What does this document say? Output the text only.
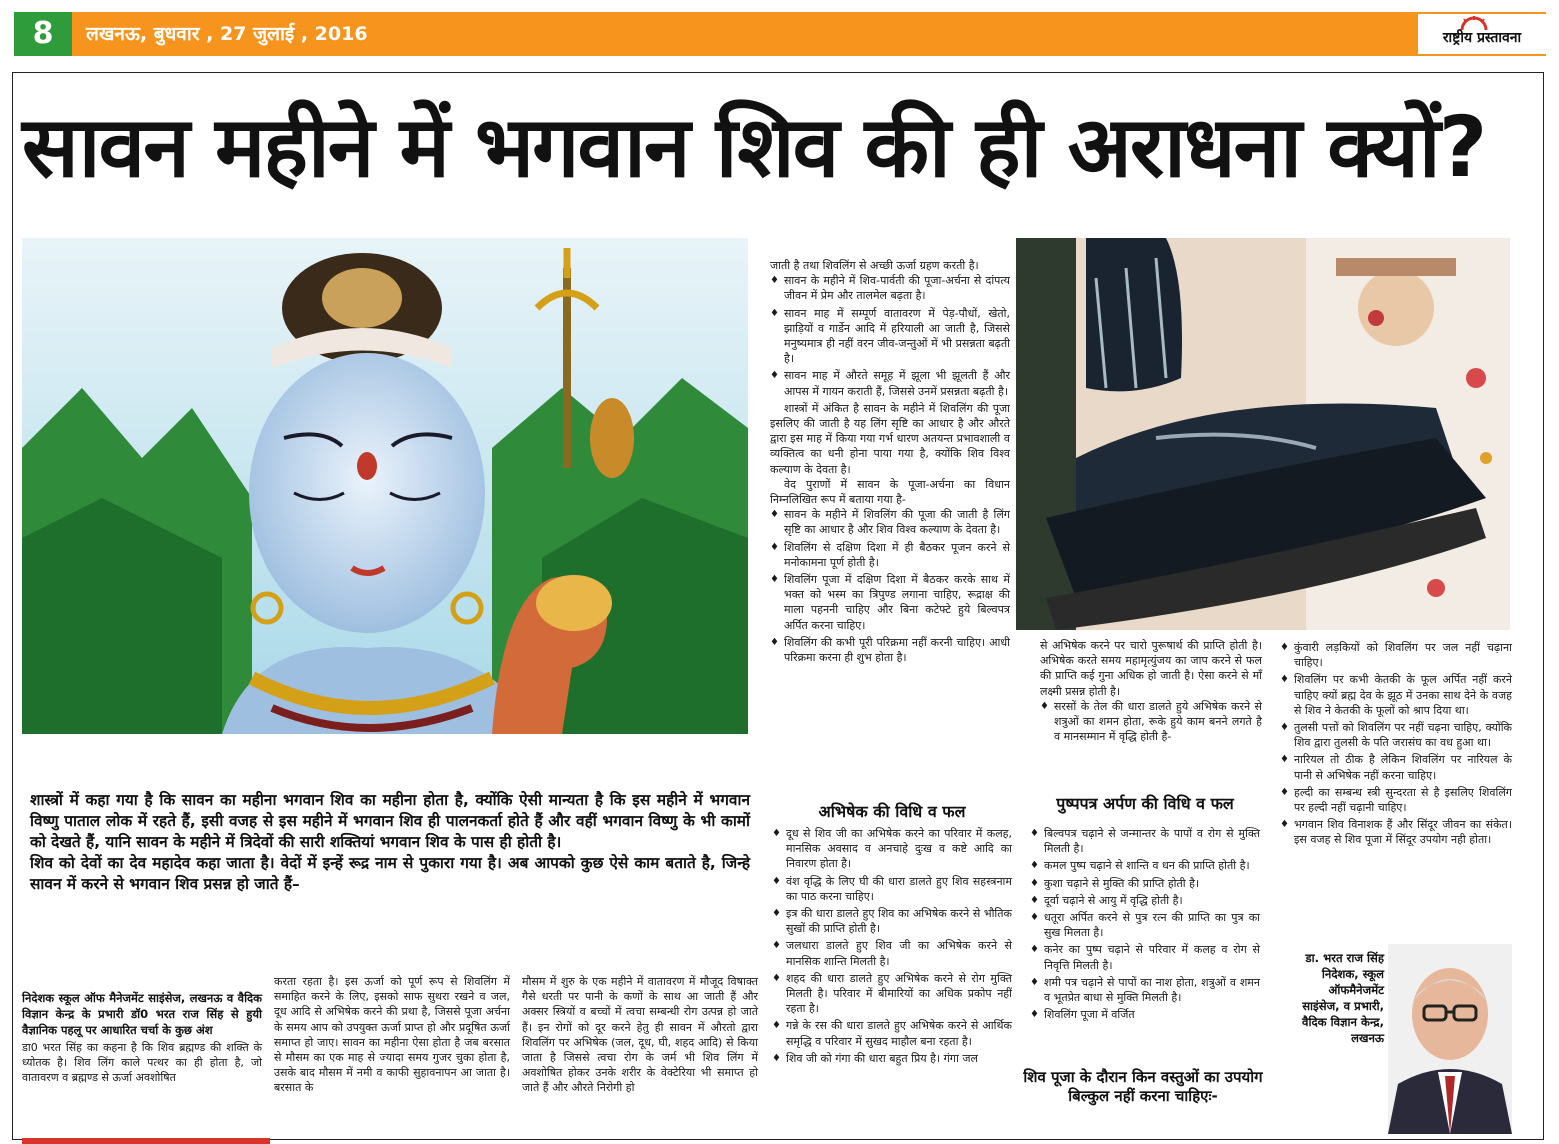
8	लखनऊ, बुधवार , 27 जुलाई , 2016	राष्ट्रीय प्रस्तावना
सावन महीने में भगवान शिव की ही अराधना क्यों?

जाती है तथा शिवलिंग से अच्छी ऊर्जा ग्रहण करती है।

♦ सावन के महीने में शिव-पार्वती की पूजा-अर्चना से दांपत्य जीवन में प्रेम और तालमेल बढ़ता है।
♦ सावन माह में सम्पूर्ण वातावरण में पेड़-पौधों, खेतो, झाड़ियों व गार्डेन आदि में हरियाली आ जाती है, जिससे मनुष्यमात्र ही नहीं वरन जीव-जन्तुओं में भी प्रसन्नता बढ़ती है।
♦ सावन माह में औरते समूह में झूला भी झूलती हैं और आपस में गायन कराती हैं, जिससे उनमें प्रसन्नता बढ़ती है।

शास्त्रों में अंकित है सावन के महीने में शिवलिंग की पूजा इसलिए की जाती है यह लिंग सृष्टि का आधार है और औरते द्वारा इस माह में किया गया गर्भ धारण अतयन्त प्रभावशाली व व्यक्तित्व का धनी होना पाया गया है, क्योंकि शिव विश्व कल्याण के देवता है।

वेद पुराणों में सावन के पूजा-अर्चना का विधान निम्नलिखित रूप में बताया गया है-

♦ सावन के महीने में शिवलिंग की पूजा की जाती है लिंग सृष्टि का आधार है और शिव विश्व कल्याण के देवता है।
♦ शिवलिंग से दक्षिण दिशा में ही बैठकर पूजन करने से मनोकामना पूर्ण होती है।
♦ शिवलिंग पूजा में दक्षिण दिशा में बैठकर करके साथ में भक्त को भस्म का त्रिपुण्ड लगाना चाहिए, रूद्राक्ष की माला पहननी चाहिए और बिना कटेफ्टे हुये बिल्वपत्र अर्पित करना चाहिए।
♦ शिवलिंग की कभी पूरी परिक्रमा नहीं करनी चाहिए। आधी परिक्रमा करना ही शुभ होता है।

से अभिषेक करने पर चारो पुरूषार्थ की प्राप्ति होती है। अभिषेक करते समय महामृत्युंजय का जाप करने से फल की प्राप्ति कई गुना अधिक हो जाती है। ऐसा करने से माँ लक्ष्मी प्रसन्न होती है।

♦ सरसों के तेल की धारा डालते हुये अभिषेक करने से शत्रुओं का शमन होता, रूके हुये काम बनने लगते है व मानसम्मान में वृद्धि होती है-
♦ कुंवारी लड़कियों को शिवलिंग पर जल नहीं चढ़ाना चाहिए।
♦ शिवलिंग पर कभी केतकी के फूल अर्पित नहीं करने चाहिए क्यों ब्रह्म देव के झूठ में उनका साथ देने के वजह से शिव ने केतकी के फूलों को श्राप दिया था।
♦ तुलसी पत्तों को शिवलिंग पर नहीं चढ़ना चाहिए, क्योंकि शिव द्वारा तुलसी के पति जरासंघ का वध हुआ था।
♦ नारियल तो ठीक है लेकिन शिवलिंग पर नारियल के पानी से अभिषेक नहीं करना चाहिए।
♦ हल्दी का सम्बन्ध स्त्री सुन्दरता से है इसलिए शिवलिंग पर हल्दी नहीं चढ़ानी चाहिए।
♦ भगवान शिव विनाशक हैं और सिंदूर जीवन का संकेत। इस वजह से शिव पूजा में सिंदूर उपयोग नही होता।

शास्त्रों में कहा गया है कि सावन का महीना भगवान शिव का महीना होता है, क्योंकि ऐसी मान्यता है कि इस महीने में भगवान विष्णु पाताल लोक में रहते हैं, इसी वजह से इस महीने में भगवान शिव ही पालनकर्ता होते हैं और वहीं भगवान विष्णु के भी कामों को देखते हैं, यानि सावन के महीने में त्रिदेवों की सारी शक्तियां भगवान शिव के पास ही होती है।

शिव को देवों का देव महादेव कहा जाता है। वेदों में इन्हें रूद्र नाम से पुकारा गया है। अब आपको कुछ ऐसे काम बताते है, जिन्हे सावन में करने से भगवान शिव प्रसन्न हो जाते हैं–

अभिषेक की विधि व फल
♦ दूध से शिव जी का अभिषेक करने का परिवार में कलह, मानसिक अवसाद व अनचाहे दुःख व कष्टे आदि का निवारण होता है।
♦ वंश वृद्धि के लिए घी की धारा डालते हुए शिव सहस्त्रनाम का पाठ करना चाहिए।
♦ इत्र की धारा डालते हुए शिव का अभिषेक करने से भौतिक सुखों की प्राप्ति होती है।
♦ जलधारा डालते हुए शिव जी का अभिषेक करने से मानसिक शान्ति मिलती है।
♦ शहद की धारा डालते हुए अभिषेक करने से रोग मुक्ति मिलती है। परिवार में बीमारियों का अधिक प्रकोप नहीं रहता है।
♦ गन्ने के रस की धारा डालते हुए अभिषेक करने से आर्थिक समृद्धि व परिवार में सुखद माहौल बना रहता है।
♦ शिव जी को गंगा की धारा बहुत प्रिय है। गंगा जल
पुष्पपत्र अर्पण की विधि व फल
♦ बिल्वपत्र चढ़ाने से जन्मान्तर के पापों व रोग से मुक्ति मिलती है।
♦ कमल पुष्प चढ़ाने से शान्ति व धन की प्राप्ति होती है।
♦ कुशा चढ़ाने से मुक्ति की प्राप्ति होती है।
♦ दूर्वा चढ़ाने से आयु में वृद्धि होती है।
♦ धतूरा अर्पित करने से पुत्र रत्न की प्राप्ति का पुत्र का सुख मिलता है।
♦ कनेर का पुष्प चढ़ाने से परिवार में कलह व रोग से निवृत्ति मिलती है।
♦ शमी पत्र चढ़ाने से पापों का नाश होता, शत्रुओं व शमन व भूतप्रेत बाधा से मुक्ति मिलती है।
♦ शिवलिंग पूजा में वर्जित
शिव पूजा के दौरान किन वस्तुओं का उपयोग बिल्कुल नहीं करना चाहिएः-
डा. भरत राज सिंह निदेशक, स्कूल ऑफमैनेजमेंट साइंसेज, व प्रभारी, वैदिक विज्ञान केन्द्र, लखनऊ
निदेशक स्कूल ऑफ मैनेजमेंट साइंसेज, लखनऊ व वैदिक विज्ञान केन्द्र के प्रभारी डॉ0 भरत राज सिंह से हुयी वैज्ञानिक पहलू पर आधारित चर्चा के कुछ अंश
डा0 भरत सिंह का कहना है कि शिव ब्रह्मण्ड की शक्ति के ध्योतक है। शिव लिंग काले पत्थर का ही होता है, जो वातावरण व ब्रह्मण्ड से ऊर्जा अवशोषित
करता रहता है। इस ऊर्जा को पूर्ण रूप से शिवलिंग में समाहित करने के लिए, इसको साफ सुथरा रखने व जल, दूध आदि से अभिषेक करने की प्रथा है, जिससे पूजा अर्चना के समय आप को उपयुक्त ऊर्जा प्राप्त हो और प्रदूषित ऊर्जा समाप्त हो जाए। सावन का महीना ऐसा होता है जब बरसात से मौसम का एक माह से ज्यादा समय गुजर चुका होता है, उसके बाद मौसम में नमी व काफी सुहावनापन आ जाता है। बरसात के
मौसम में शुरु के एक महीने में वातावरण में मौजूद विषाक्त गैसे धरती पर पानी के कणों के साथ आ जाती हैं और अक्सर स्त्रियों व बच्चों में त्वचा सम्बन्धी रोग उत्पन्न हो जाते हैं। इन रोगों को दूर करने हेतु ही सावन में औरतो द्वारा शिवलिंग पर अभिषेक (जल, दूध, घी, शहद आदि) से किया जाता है जिससे त्वचा रोग के जर्म भी शिव लिंग में अवशोषित होकर उनके शरीर के वेक्टेरिया भी समाप्त हो जाते हैं और औरते निरोगी हो
